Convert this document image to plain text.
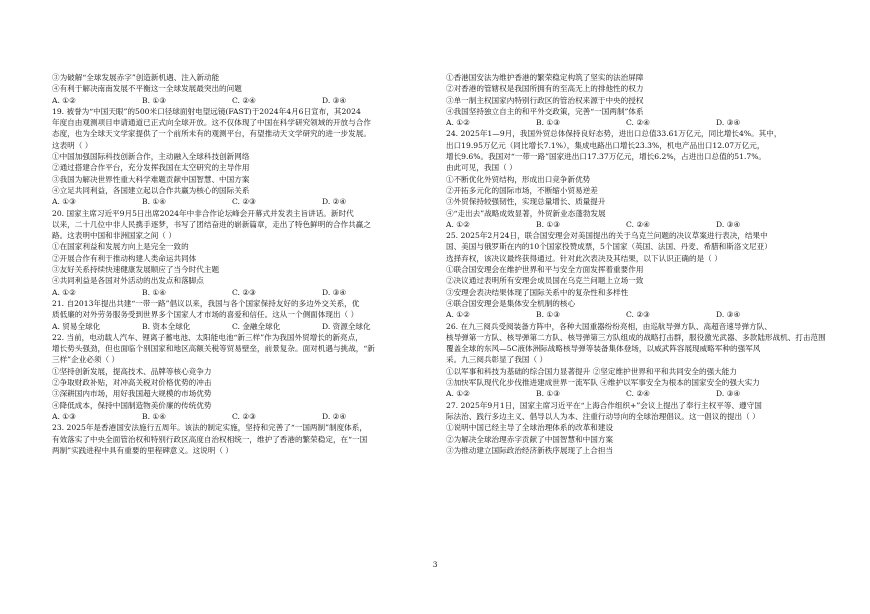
③为破解“全球发展赤字”创造新机遇、注入新动能
④有利于解决南南发展不平衡这一全球发展最突出的问题
A. ①②	B. ①③	C. ②④	D. ③④
19. 被誉为“中国天眼”的500米口径球面射电望远镜(FAST)于2024年4月6日宣布，其2024
年度自由观测项目申请通道已正式向全球开放。这不仅体现了中国在科学研究领域的开放与合作
态度，也为全球天文学家提供了一个前所未有的观测平台，有望推动天文学研究的进一步发展。
这表明（ ）
①中国加强国际科技创新合作，主动融入全球科技创新网络
②通过搭建合作平台，充分发挥我国在太空研究的主导作用
③我国为解决世界性重大科学难题贡献中国智慧、中国方案
④立足共同利益，各国建立起以合作共赢为核心的国际关系
A. ①③	B. ①④	C. ②③	D. ②④
20. 国家主席习近平9月5日出席2024年中非合作论坛峰会开幕式并发表主旨讲话。新时代
以来，二十几位中非人民携手逐梦，书写了团结奋进的崭新篇章，走出了特色鲜明的合作共赢之
路。这表明中国和非洲国家之间（ ）
①在国家利益和发展方向上是完全一致的
②开展合作有利于推动构建人类命运共同体
③友好关系持续快速健康发展顺应了当今时代主题
④共同利益是各国对外活动的出发点和落脚点
A. ①②	B. ①④	C. ②③	D. ③④
21. 自2013年提出共建“一带一路”倡议以来，我国与各个国家保持友好的多边外交关系，优
质低廉的对外劳务服务受到世界多个国家人才市场的喜爱和信任。这从一个侧面体现出（ ）
A. 贸易全球化	B. 资本全球化	C. 金融全球化	D. 资源全球化
22. 当前，电动载人汽车、锂离子蓄电池、太阳能电池“新三样”作为我国外贸增长的新亮点，
增长势头强劲，但也面临个别国家和地区高额关税等贸易壁垒，前景复杂。面对机遇与挑战，“新
三样”企业必须（ ）
①坚持创新发展，提高技术、品牌等核心竞争力
②争取财政补贴，对冲高关税对价格优势的冲击
③深耕国内市场，用好我国超大规模的市场优势
④降低成本，保持中国制造物美价廉的传统优势
A. ①③	B. ①④	C. ②③	D. ②④
23. 2025年是香港国安法施行五周年。该法的制定实施，坚持和完善了“一国两制”制度体系，
有效落实了中央全面管治权和特别行政区高度自治权相统一，维护了香港的繁荣稳定，在“一国
两制”实践进程中具有重要的里程碑意义。这说明（ ）
①香港国安法为维护香港的繁荣稳定构筑了坚实的法治屏障
②对香港的管辖权是我国所拥有的至高无上的排他性的权力
③单一制主权国家内特别行政区的管治权来源于中央的授权
④我国坚持独立自主的和平外交政策，完善“一国两制”体系
A. ①②	B. ①③	C. ②④	D. ③④
24. 2025年1—9月，我国外贸总体保持良好态势，进出口总值33.61万亿元，同比增长4%。其中，
出口19.95万亿元（同比增长7.1%），集成电路出口增长23.3%，机电产品出口12.07万亿元，
增长9.6%。我国对“一带一路”国家进出口17.37万亿元，增长6.2%，占进出口总值的51.7%。
由此可见，我国（ ）
①不断优化外贸结构，形成出口竞争新优势
②开拓多元化的国际市场，不断缩小贸易逆差
③外贸保持较强韧性，实现总量增长、质量提升
④“走出去”战略成效显著，外贸新业态蓬勃发展
A. ①②	B. ①③	C. ②④	D. ③④
25. 2025年2月24日，联合国安理会对美国提出的关于乌克兰问题的决议草案进行表决，结果中
国、美国与俄罗斯在内的10个国家投赞成票，5个国家（英国、法国、丹麦、希腊和斯洛文尼亚）
选择弃权，该决议最终获得通过。针对此次表决及其结果，以下认识正确的是（ ）
①联合国安理会在维护世界和平与安全方面发挥着重要作用
②决议通过表明所有安理会成员国在乌克兰问题上立场一致
③安理会表决结果体现了国际关系中的复杂性和多样性
④联合国安理会是集体安全机制的核心
A. ①②	B. ①③	C. ②③	D. ③④
26. 在九三阅兵受阅装备方阵中，各种大国重器纷纷亮相，由巡航导弹方队、高超音速导弹方队、
核导弹第一方队、核导弹第二方队、核导弹第三方队组成的战略打击群，服役激光武器、多款陆形战机、打击范围
覆盖全球的东风—5C液体洲际战略核导弹等装备集体登场，以威武阵容展现威略军种的强军风
采。九三阅兵彰显了我国（ ）
①以军事和科技为基础的综合国力显著提升 ②坚定维护世界和平和共同安全的强大能力
③加快军队现代化步伐推进建成世界一流军队 ④维护以军事安全为根本的国家安全的强大实力
A. ①②	B. ①③	C. ②④	D. ③④
27. 2025年9月1日，国家主席习近平在“上海合作组织+”会议上提出了奉行主权平等、遵守国
际法治、践行多边主义、倡导以人为本、注重行动导向的全球治理倡议。这一倡议的提出（ ）
①说明中国已经主导了全球治理体系的改革和建设
②为解决全球治理赤字贡献了中国智慧和中国方案
③为推动建立国际政治经济新秩序展现了上合担当
3
